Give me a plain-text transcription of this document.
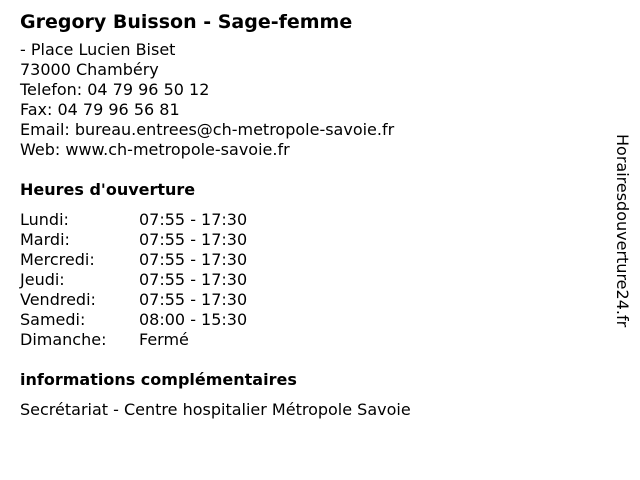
Gregory Buisson - Sage-femme
- Place Lucien Biset
73000 Chambéry
Telefon: 04 79 96 50 12
Fax: 04 79 96 56 81
Email: bureau.entrees@ch-metropole-savoie.fr
Web: www.ch-metropole-savoie.fr
Heures d'ouverture
Lundi:	07:55 - 17:30
Mardi:	07:55 - 17:30
Mercredi:	07:55 - 17:30
Jeudi:	07:55 - 17:30
Vendredi:	07:55 - 17:30
Samedi:	08:00 - 15:30
Dimanche:	Fermé
informations complémentaires
Secrétariat - Centre hospitalier Métropole Savoie
Horairesdouverture24.fr
